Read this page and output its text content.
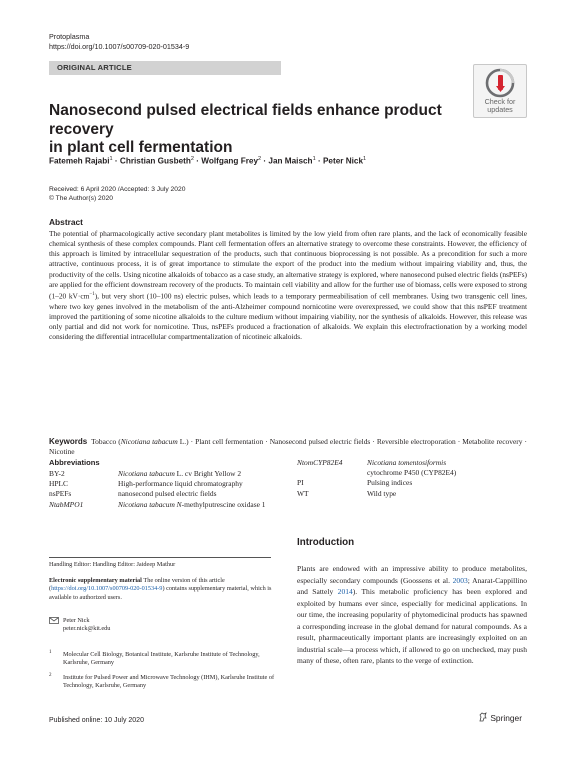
Protoplasma
https://doi.org/10.1007/s00709-020-01534-9
ORIGINAL ARTICLE
Check for
updates
Nanosecond pulsed electrical fields enhance product recovery
in plant cell fermentation
Fatemeh Rajabi$^1$ · Christian Gusbeth$^2$ · Wolfgang Frey$^2$ · Jan Maisch$^1$ · Peter Nick$^1$
Received: 6 April 2020 /Accepted: 3 July 2020
© The Author(s) 2020
Abstract
The potential of pharmacologically active secondary plant metabolites is limited by the low yield from often rare plants, and the lack of economically feasible chemical synthesis of these complex compounds. Plant cell fermentation offers an alternative strategy to overcome these constraints. However, the efficiency of this approach is limited by intracellular sequestration of the products, such that continuous bioprocessing is not possible. As a precondition for such a more attractive, continuous process, it is of great importance to stimulate the export of the product into the medium without impairing viability and, thus, the productivity of the cells. Using nicotine alkaloids of tobacco as a case study, an alternative strategy is explored, where nanosecond pulsed electric fields (nsPEFs) are applied for the efficient downstream recovery of the products. To maintain cell viability and allow for the further use of biomass, cells were exposed to strong (1–20 $kV\cdot cm^{-1}$), but very short (10–100 ns) electric pulses, which leads to a temporary permeabilisation of cell membranes. Using two transgenic cell lines, where two key genes involved in the metabolism of the anti-Alzheimer compound nornicotine were overexpressed, we could show that this nsPEF treatment improved the partitioning of some nicotine alkaloids to the culture medium without impairing viability, nor the synthesis of alkaloids. However, this release was only partial and did not work for nornicotine. Thus, nsPEFs produced a fractionation of alkaloids. We explain this electrofractionation by a working model considering the differential intracellular compartmentalization of nicotineic alkaloids.
Keywords Tobacco (Nicotiana tabacum L.) · Plant cell fermentation · Nanosecond pulsed electric fields · Reversible electroporation · Metabolite recovery · Nicotine
Abbreviations
BY-2	Nicotiana tabacum L. cv Bright Yellow 2
HPLC	High-performance liquid chromatography
nsPEFs	nanosecond pulsed electric fields
NtabMPO1	Nicotiana tabacum N-methylputrescine oxidase 1
NtomCYP82E4	Nicotiana tomentosiformis
cytochrome P450 (CYP82E4)
PI	Pulsing indices
WT	Wild type
Handling Editor: Handling Editor: Jaideep Mathur
Electronic supplementary material The online version of this article (https://doi.org/10.1007/s00709-020-01534-9) contains supplementary material, which is available to authorized users.
Peter Nick
peter.nick@kit.edu
1 Molecular Cell Biology, Botanical Institute, Karlsruhe Institute of Technology, Karlsruhe, Germany
2 Institute for Pulsed Power and Microwave Technology (IHM), Karlsruhe Institute of Technology, Karlsruhe, Germany
Introduction
Plants are endowed with an impressive ability to produce metabolites, especially secondary compounds (Goossens et al. 2003; Anarat-Cappillino and Sattely 2014). This metabolic proficiency has been explored and exploited by humans ever since, especially for medicinal applications. In our time, the increasing popularity of phytomedicinal products has spawned a corresponding increase in the global demand for natural compounds. As a result, pharmaceutically important plants are increasingly exploited on an industrial scale—a process which, if allowed to go on unchecked, may push many of these, often rare, plants to the verge of extinction.
Published online: 10 July 2020	Springer
